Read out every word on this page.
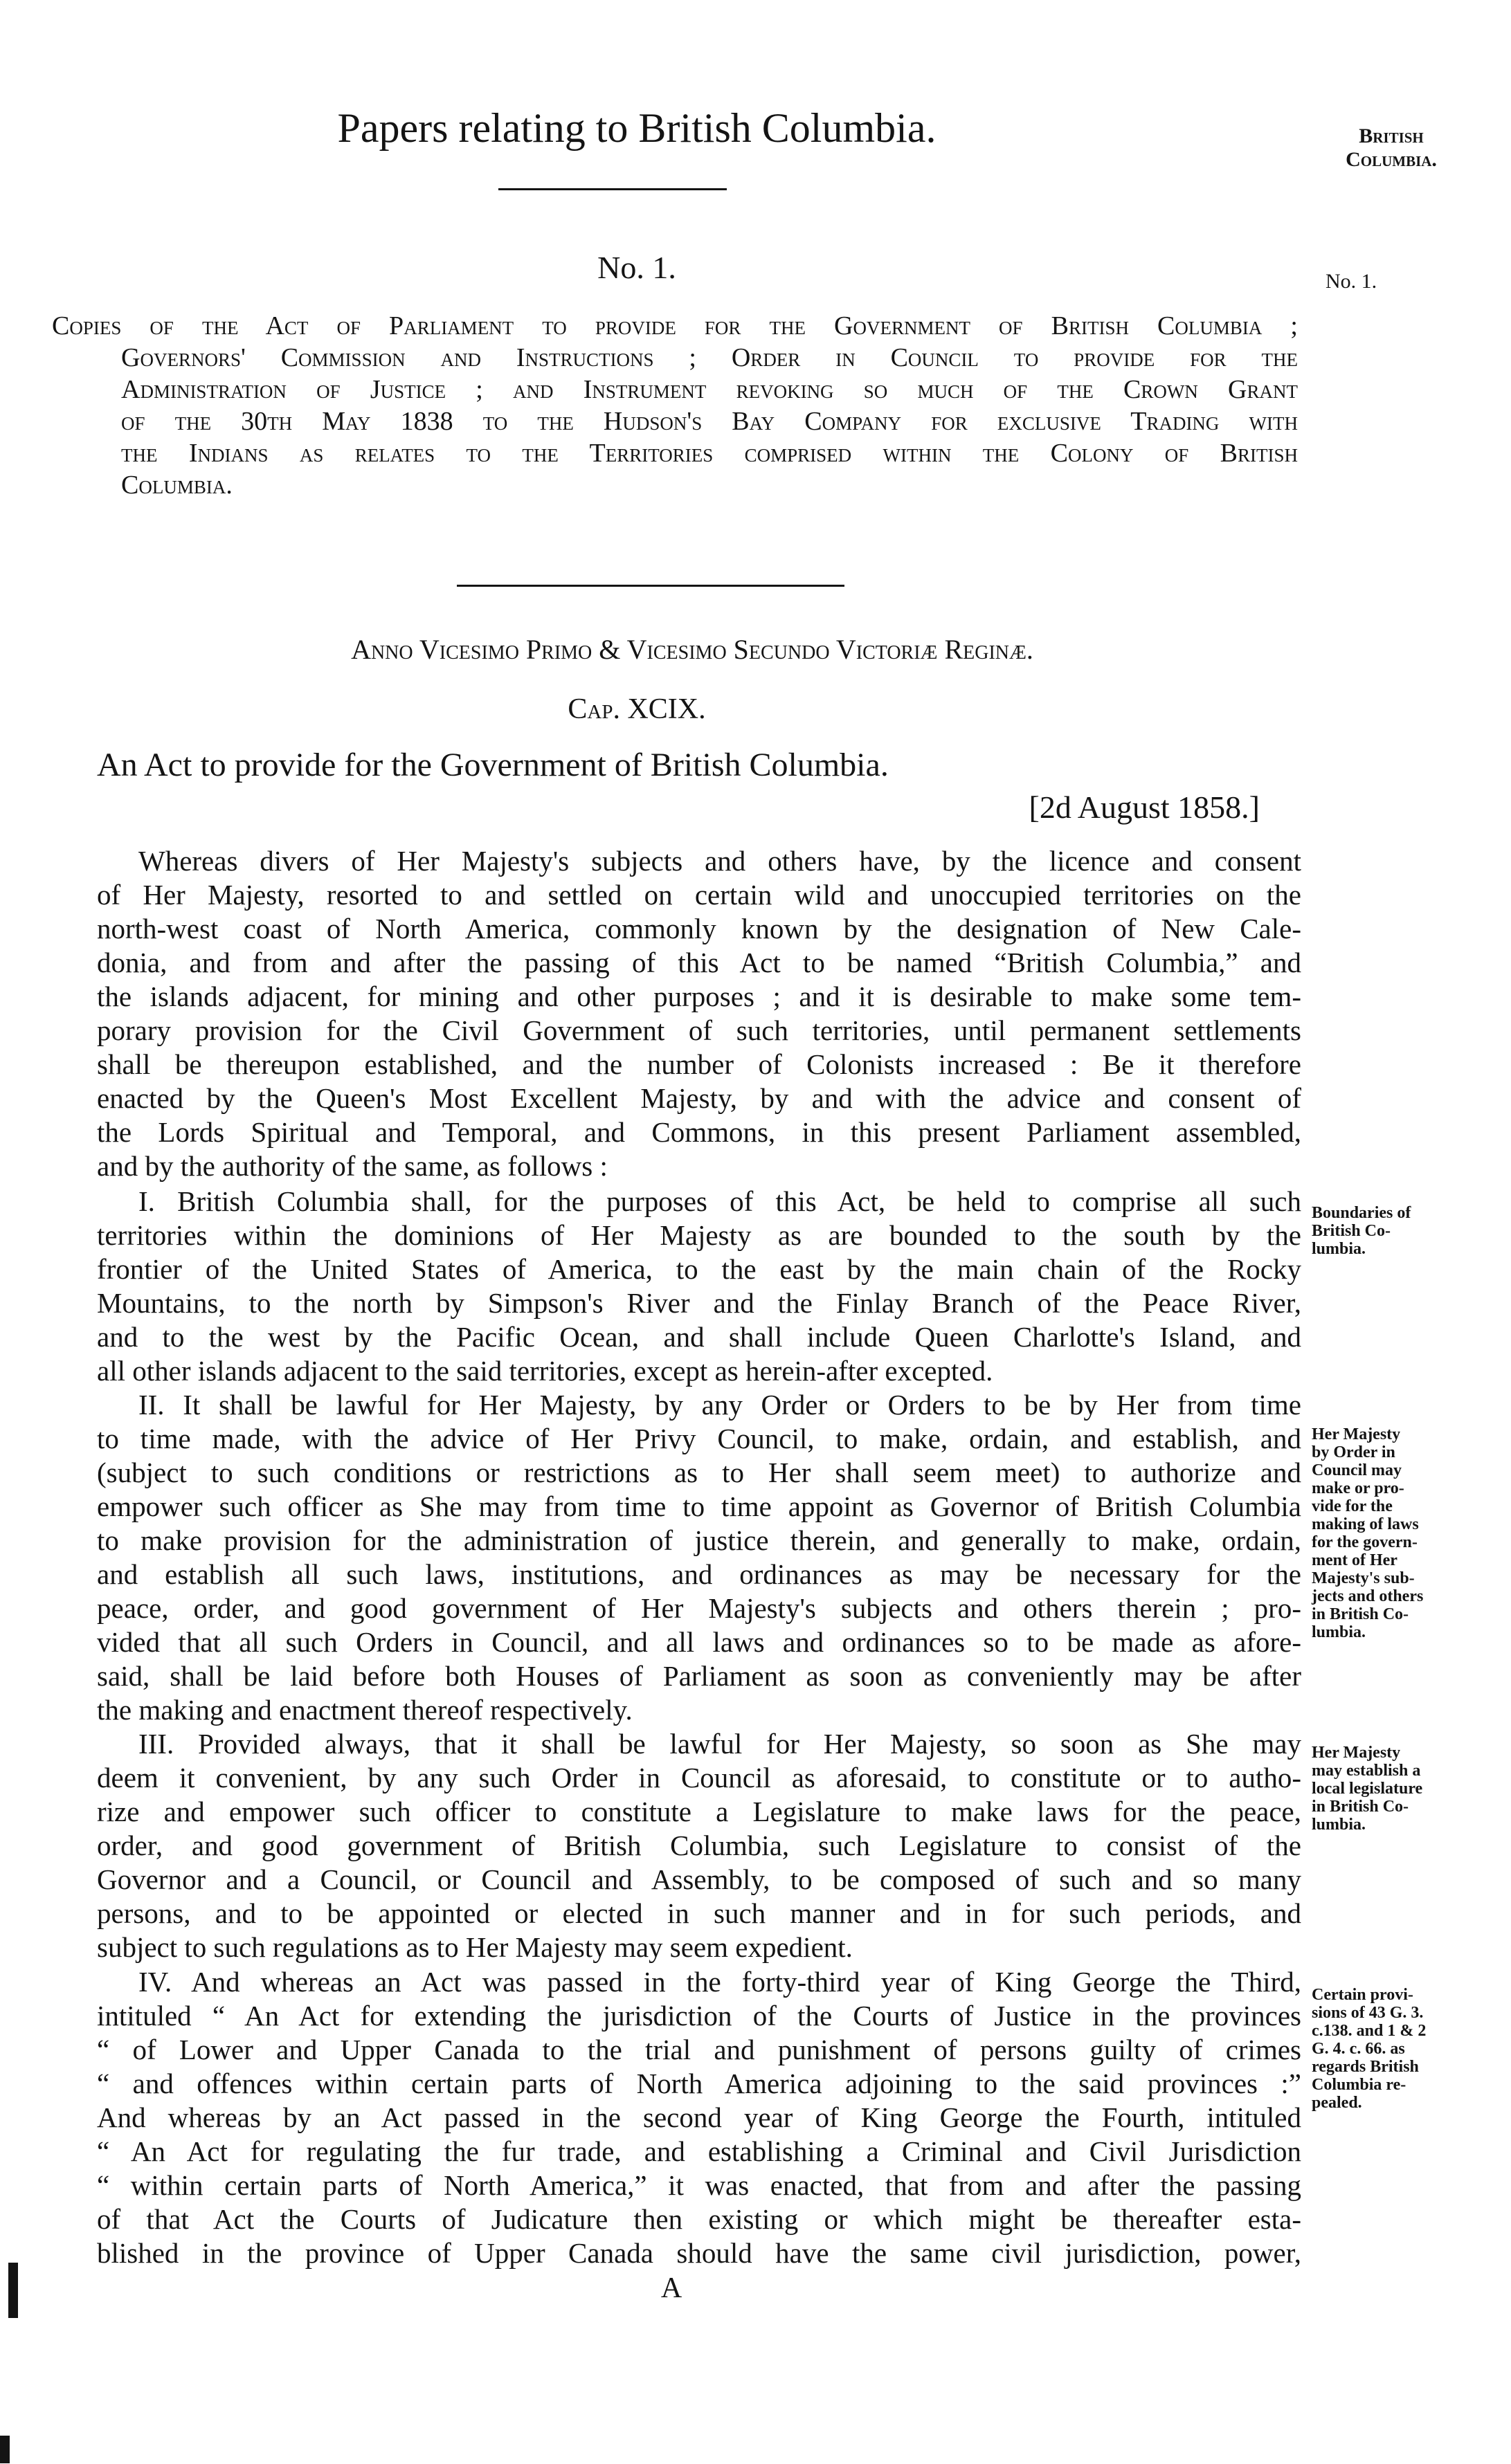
Papers relating to British Columbia.	British
Columbia.
No. 1.	No. 1.
Copies of the Act of Parliament to provide for the Government of British Columbia ;
Governors' Commission and Instructions ; Order in Council to provide for the
Administration of Justice ; and Instrument revoking so much of the Crown Grant
of the 30th May 1838 to the Hudson's Bay Company for exclusive Trading with
the Indians as relates to the Territories comprised within the Colony of British
Columbia.
Anno Vicesimo Primo & Vicesimo Secundo Victoriæ Reginæ.
Cap. XCIX.
An Act to provide for the Government of British Columbia.
[2d August 1858.]
Whereas divers of Her Majesty's subjects and others have, by the licence and consent
of Her Majesty, resorted to and settled on certain wild and unoccupied territories on the
north-west coast of North America, commonly known by the designation of New Cale-
donia, and from and after the passing of this Act to be named “British Columbia,” and
the islands adjacent, for mining and other purposes ; and it is desirable to make some tem-
porary provision for the Civil Government of such territories, until permanent settlements
shall be thereupon established, and the number of Colonists increased : Be it therefore
enacted by the Queen's Most Excellent Majesty, by and with the advice and consent of
the Lords Spiritual and Temporal, and Commons, in this present Parliament assembled,
and by the authority of the same, as follows :
I. British Columbia shall, for the purposes of this Act, be held to comprise all such
territories within the dominions of Her Majesty as are bounded to the south by the
frontier of the United States of America, to the east by the main chain of the Rocky
Mountains, to the north by Simpson's River and the Finlay Branch of the Peace River,
and to the west by the Pacific Ocean, and shall include Queen Charlotte's Island, and
all other islands adjacent to the said territories, except as herein-after excepted.
Boundaries of
British Co-
lumbia.
II. It shall be lawful for Her Majesty, by any Order or Orders to be by Her from time
to time made, with the advice of Her Privy Council, to make, ordain, and establish, and
(subject to such conditions or restrictions as to Her shall seem meet) to authorize and
empower such officer as She may from time to time appoint as Governor of British Columbia
to make provision for the administration of justice therein, and generally to make, ordain,
and establish all such laws, institutions, and ordinances as may be necessary for the
peace, order, and good government of Her Majesty's subjects and others therein ; pro-
vided that all such Orders in Council, and all laws and ordinances so to be made as afore-
said, shall be laid before both Houses of Parliament as soon as conveniently may be after
the making and enactment thereof respectively.
Her Majesty
by Order in
Council may
make or pro-
vide for the
making of laws
for the govern-
ment of Her
Majesty's sub-
jects and others
in British Co-
lumbia.
III. Provided always, that it shall be lawful for Her Majesty, so soon as She may
deem it convenient, by any such Order in Council as aforesaid, to constitute or to autho-
rize and empower such officer to constitute a Legislature to make laws for the peace,
order, and good government of British Columbia, such Legislature to consist of the
Governor and a Council, or Council and Assembly, to be composed of such and so many
persons, and to be appointed or elected in such manner and in for such periods, and
subject to such regulations as to Her Majesty may seem expedient.
Her Majesty
may establish a
local legislature
in British Co-
lumbia.
IV. And whereas an Act was passed in the forty-third year of King George the Third,
intituled “ An Act for extending the jurisdiction of the Courts of Justice in the provinces
“ of Lower and Upper Canada to the trial and punishment of persons guilty of crimes
“ and offences within certain parts of North America adjoining to the said provinces :”
And whereas by an Act passed in the second year of King George the Fourth, intituled
“ An Act for regulating the fur trade, and establishing a Criminal and Civil Jurisdiction
“ within certain parts of North America,” it was enacted, that from and after the passing
of that Act the Courts of Judicature then existing or which might be thereafter esta-
blished in the province of Upper Canada should have the same civil jurisdiction, power,
Certain provi-
sions of 43 G. 3.
c.138. and 1 & 2
G. 4. c. 66. as
regards British
Columbia re-
pealed.
A
